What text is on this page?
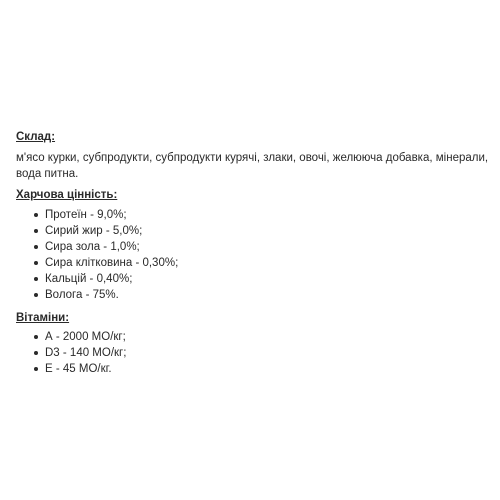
Склад:

м'ясо курки, субпродукти, субпродукти курячі, злаки, овочі, желююча добавка, мінерали, вода питна.

Харчова цінність:

Протеїн - 9,0%;
Сирий жир - 5,0%;
Сира зола - 1,0%;
Сира клітковина - 0,30%;
Кальцій - 0,40%;
Волога - 75%.

Вітаміни:

А - 2000 МО/кг;
D3 - 140 МО/кг;
Е - 45 МО/кг.
